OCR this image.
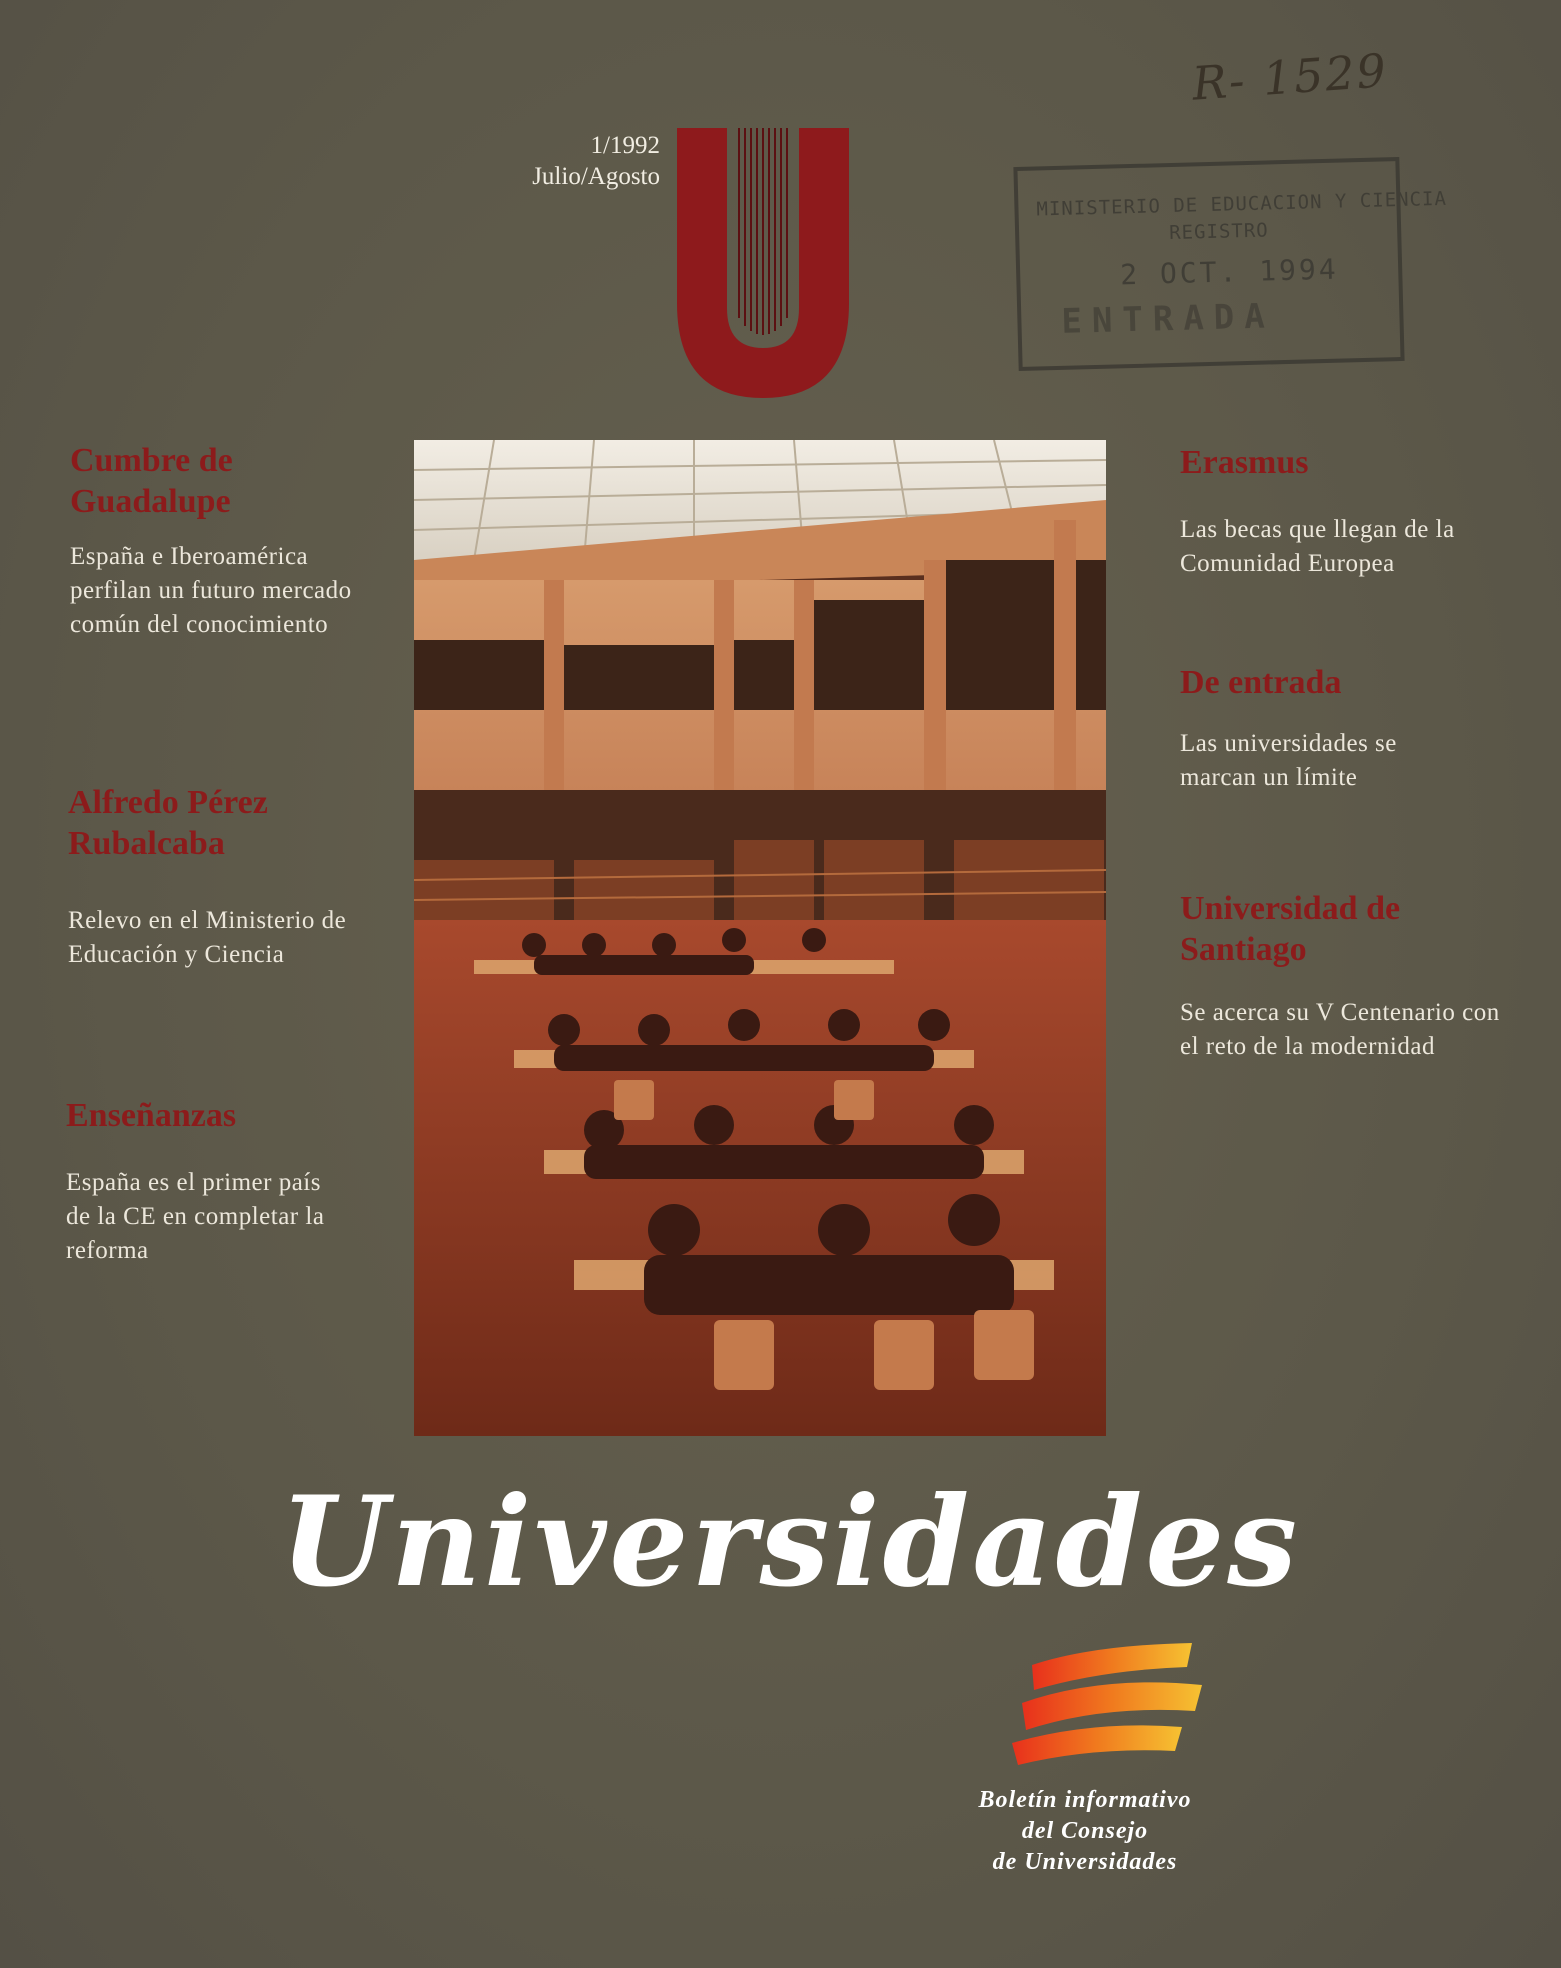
R- 1529
MINISTERIO DE EDUCACION Y CIENCIA
REGISTRO
2 OCT. 1994
ENTRADA
1/1992
Julio/Agosto

Cumbre de Guadalupe

España e Iberoamérica perfilan un futuro mercado común del conocimiento

Alfredo Pérez Rubalcaba

Relevo en el Ministerio de Educación y Ciencia

Enseñanzas

España es el primer país de la CE en completar la reforma

Erasmus

Las becas que llegan de la Comunidad Europea

De entrada

Las universidades se marcan un límite

Universidad de Santiago

Se acerca su V Centenario con el reto de la modernidad
Universidades
Boletín informativo
del Consejo
de Universidades
